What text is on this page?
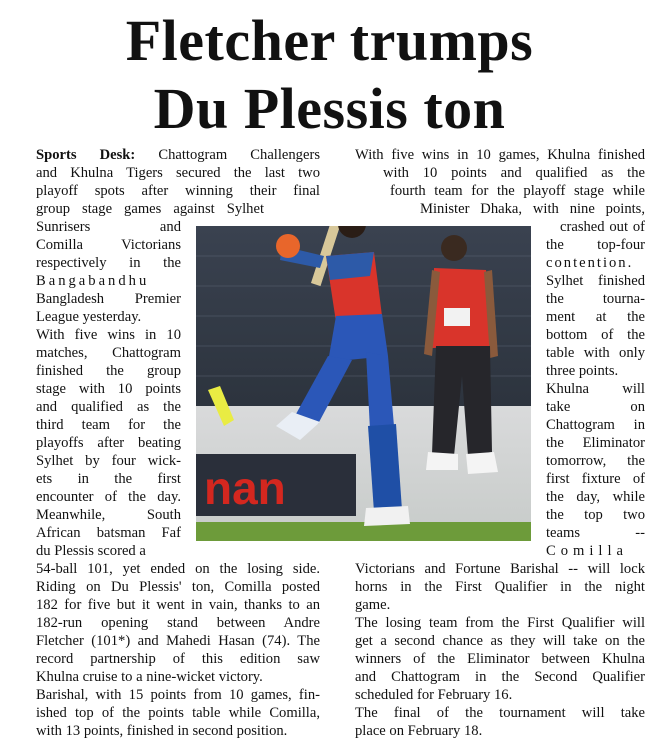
Fletcher trumps
Du Plessis ton
Sports Desk: Chattogram Challengers
and Khulna Tigers secured the last two
playoff spots after winning their final
group stage games against Sylhet
Sunrisers and
Comilla Victorians
respectively in the
Bangabandhu
Bangladesh Premier
League yesterday.
With five wins in 10
matches, Chattogram
finished the group
stage with 10 points
and qualified as the
third team for the
playoffs after beating
Sylhet by four wick-
ets in the first
encounter of the day.
Meanwhile, South
African batsman Faf
du Plessis scored a
54-ball 101, yet ended on the losing side.
Riding on Du Plessis' ton, Comilla posted
182 for five but it went in vain, thanks to an
182-run opening stand between Andre
Fletcher (101*) and Mahedi Hasan (74). The
record partnership of this edition saw
Khulna cruise to a nine-wicket victory.
Barishal, with 15 points from 10 games, fin-
ished top of the points table while Comilla,
with 13 points, finished in second position.
With five wins in 10 games, Khulna finished
with 10 points and qualified as the
fourth team for the playoff stage while
Minister Dhaka, with nine points,
crashed out of
the top-four
contention.
Sylhet finished
the tourna-
ment at the
bottom of the
table with only
three points.
Khulna will
take on
Chattogram in
the Eliminator
tomorrow, the
first fixture of
the day, while
the top two
teams --
Comilla
Victorians and Fortune Barishal -- will lock
horns in the First Qualifier in the night
game.
The losing team from the First Qualifier will
get a second chance as they will take on the
winners of the Eliminator between Khulna
and Chattogram in the Second Qualifier
scheduled for February 16.
The final of the tournament will take
place on February 18.
nan
